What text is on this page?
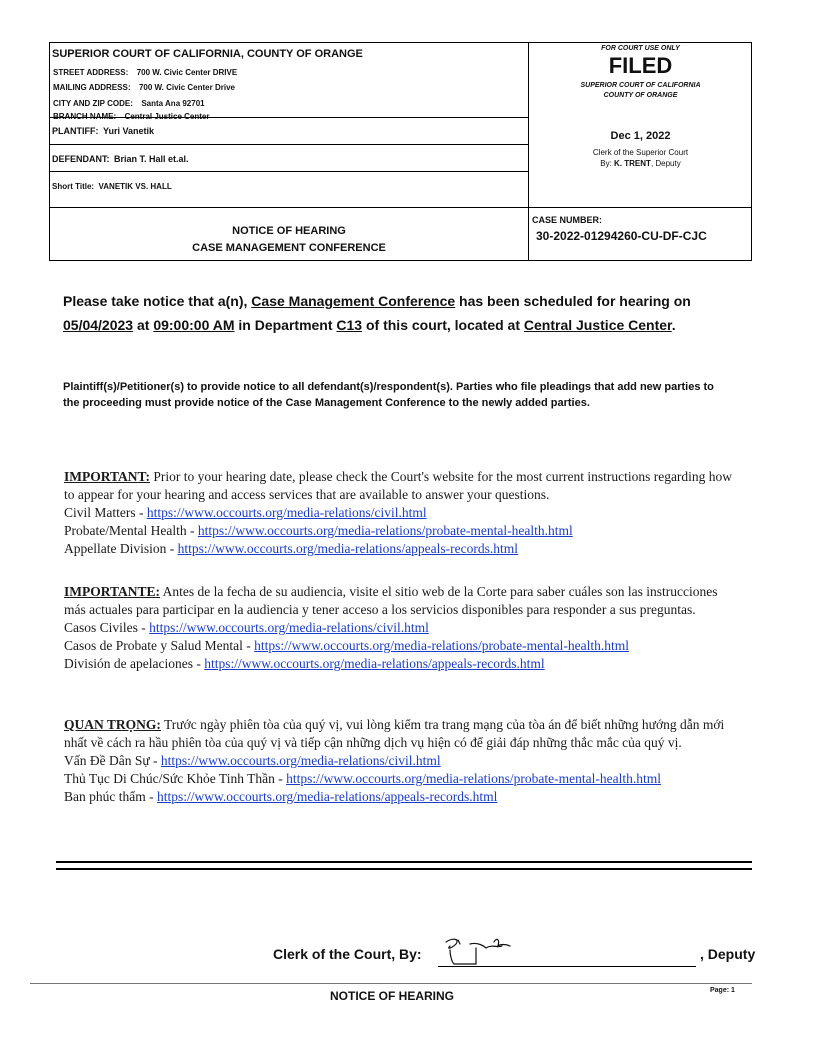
SUPERIOR COURT OF CALIFORNIA, COUNTY OF ORANGE
STREET ADDRESS: 700 W. Civic Center DRIVE
MAILING ADDRESS: 700 W. Civic Center Drive
CITY AND ZIP CODE: Santa Ana 92701
BRANCH NAME: Central Justice Center
PLANTIFF: Yuri Vanetik
DEFENDANT: Brian T. Hall et.al.
Short Title: VANETIK VS. HALL
FOR COURT USE ONLY
FILED
SUPERIOR COURT OF CALIFORNIA
COUNTY OF ORANGE
Dec 1, 2022
Clerk of the Superior Court
By: K. TRENT, Deputy
NOTICE OF HEARING
CASE MANAGEMENT CONFERENCE
CASE NUMBER:
30-2022-01294260-CU-DF-CJC
Please take notice that a(n), Case Management Conference has been scheduled for hearing on 05/04/2023 at 09:00:00 AM in Department C13 of this court, located at Central Justice Center.
Plaintiff(s)/Petitioner(s) to provide notice to all defendant(s)/respondent(s). Parties who file pleadings that add new parties to the proceeding must provide notice of the Case Management Conference to the newly added parties.

IMPORTANT: Prior to your hearing date, please check the Court's website for the most current instructions regarding how to appear for your hearing and access services that are available to answer your questions.

Civil Matters - https://www.occourts.org/media-relations/civil.html

Probate/Mental Health - https://www.occourts.org/media-relations/probate-mental-health.html

Appellate Division - https://www.occourts.org/media-relations/appeals-records.html

IMPORTANTE: Antes de la fecha de su audiencia, visite el sitio web de la Corte para saber cuáles son las instrucciones más actuales para participar en la audiencia y tener acceso a los servicios disponibles para responder a sus preguntas.

Casos Civiles - https://www.occourts.org/media-relations/civil.html

Casos de Probate y Salud Mental - https://www.occourts.org/media-relations/probate-mental-health.html

División de apelaciones - https://www.occourts.org/media-relations/appeals-records.html

QUAN TRỌNG: Trước ngày phiên tòa của quý vị, vui lòng kiểm tra trang mạng của tòa án để biết những hướng dẫn mới nhất về cách ra hầu phiên tòa của quý vị và tiếp cận những dịch vụ hiện có để giải đáp những thắc mắc của quý vị.

Vấn Đề Dân Sự - https://www.occourts.org/media-relations/civil.html

Thủ Tục Di Chúc/Sức Khỏe Tinh Thần - https://www.occourts.org/media-relations/probate-mental-health.html

Ban phúc thẩm - https://www.occourts.org/media-relations/appeals-records.html

Clerk of the Court, By:	, Deputy
NOTICE OF HEARING	Page: 1
